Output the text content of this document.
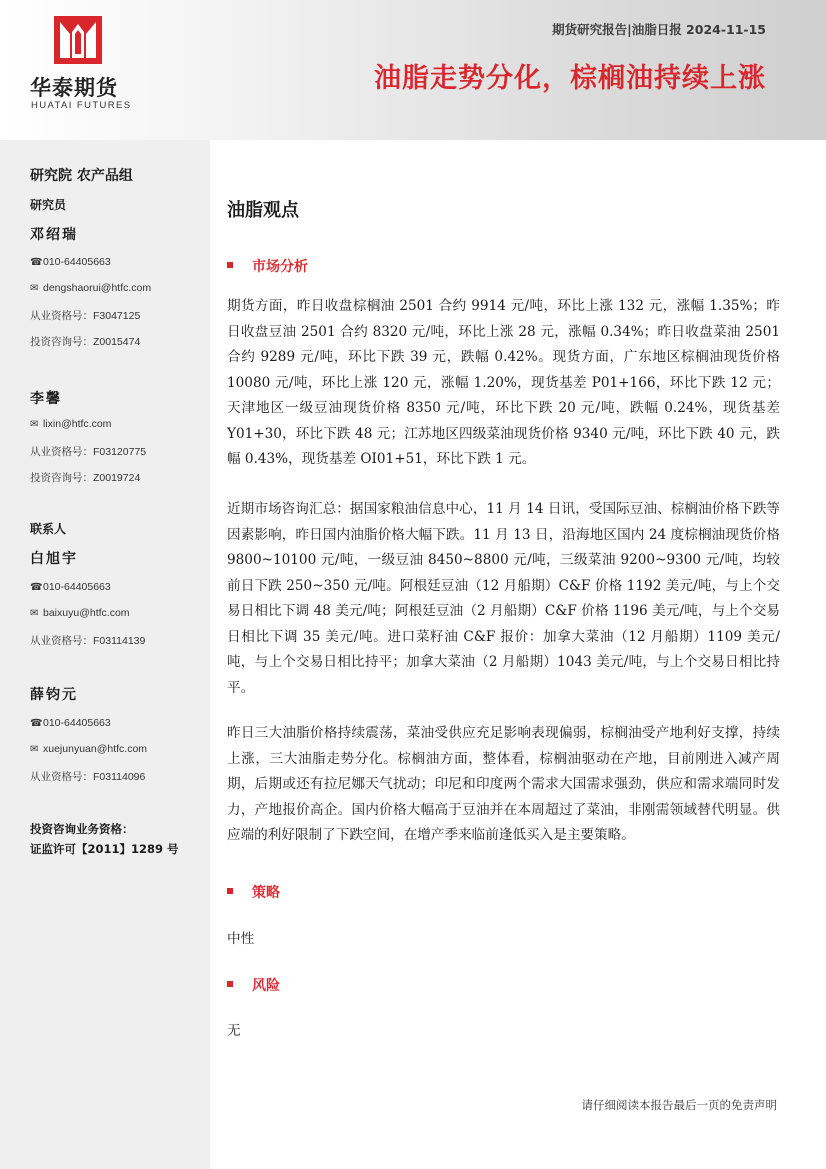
华泰期货
HUATAI FUTURES
期货研究报告|油脂日报 2024-11-15
油脂走势分化，棕榈油持续上涨
研究院 农产品组
研究员
邓绍瑞
☎010-64405663
✉ dengshaorui@htfc.com
从业资格号：F3047125
投资咨询号：Z0015474
李馨
✉ lixin@htfc.com
从业资格号：F03120775
投资咨询号：Z0019724
联系人
白旭宇
☎010-64405663
✉ baixuyu@htfc.com
从业资格号：F03114139
薛钧元
☎010-64405663
✉ xuejunyuan@htfc.com
从业资格号：F03114096
投资咨询业务资格：
证监许可【2011】1289 号
油脂观点
市场分析
期货方面，昨日收盘棕榈油 2501 合约 9914 元/吨，环比上涨 132 元，涨幅 1.35%；昨日收盘豆油 2501 合约 8320 元/吨，环比上涨 28 元，涨幅 0.34%；昨日收盘菜油 2501 合约 9289 元/吨，环比下跌 39 元，跌幅 0.42%。现货方面，广东地区棕榈油现货价格 10080 元/吨，环比上涨 120 元，涨幅 1.20%，现货基差 P01+166，环比下跌 12 元；天津地区一级豆油现货价格 8350 元/吨，环比下跌 20 元/吨，跌幅 0.24%，现货基差 Y01+30，环比下跌 48 元；江苏地区四级菜油现货价格 9340 元/吨，环比下跌 40 元，跌幅 0.43%，现货基差 OI01+51，环比下跌 1 元。
近期市场咨询汇总：据国家粮油信息中心，11 月 14 日讯，受国际豆油、棕榈油价格下跌等因素影响，昨日国内油脂价格大幅下跌。11 月 13 日，沿海地区国内 24 度棕榈油现货价格 9800~10100 元/吨，一级豆油 8450~8800 元/吨，三级菜油 9200~9300 元/吨，均较前日下跌 250~350 元/吨。阿根廷豆油（12 月船期）C&F 价格 1192 美元/吨，与上个交易日相比下调 48 美元/吨；阿根廷豆油（2 月船期）C&F 价格 1196 美元/吨，与上个交易日相比下调 35 美元/吨。进口菜籽油 C&F 报价：加拿大菜油（12 月船期）1109 美元/吨，与上个交易日相比持平；加拿大菜油（2 月船期）1043 美元/吨，与上个交易日相比持平。
昨日三大油脂价格持续震荡，菜油受供应充足影响表现偏弱，棕榈油受产地利好支撑，持续上涨，三大油脂走势分化。棕榈油方面，整体看，棕榈油驱动在产地，目前刚进入减产周期，后期或还有拉尼娜天气扰动；印尼和印度两个需求大国需求强劲，供应和需求端同时发力，产地报价高企。国内价格大幅高于豆油并在本周超过了菜油，非刚需领域替代明显。供应端的利好限制了下跌空间，在增产季来临前逢低买入是主要策略。
策略
中性
风险
无
请仔细阅读本报告最后一页的免责声明
